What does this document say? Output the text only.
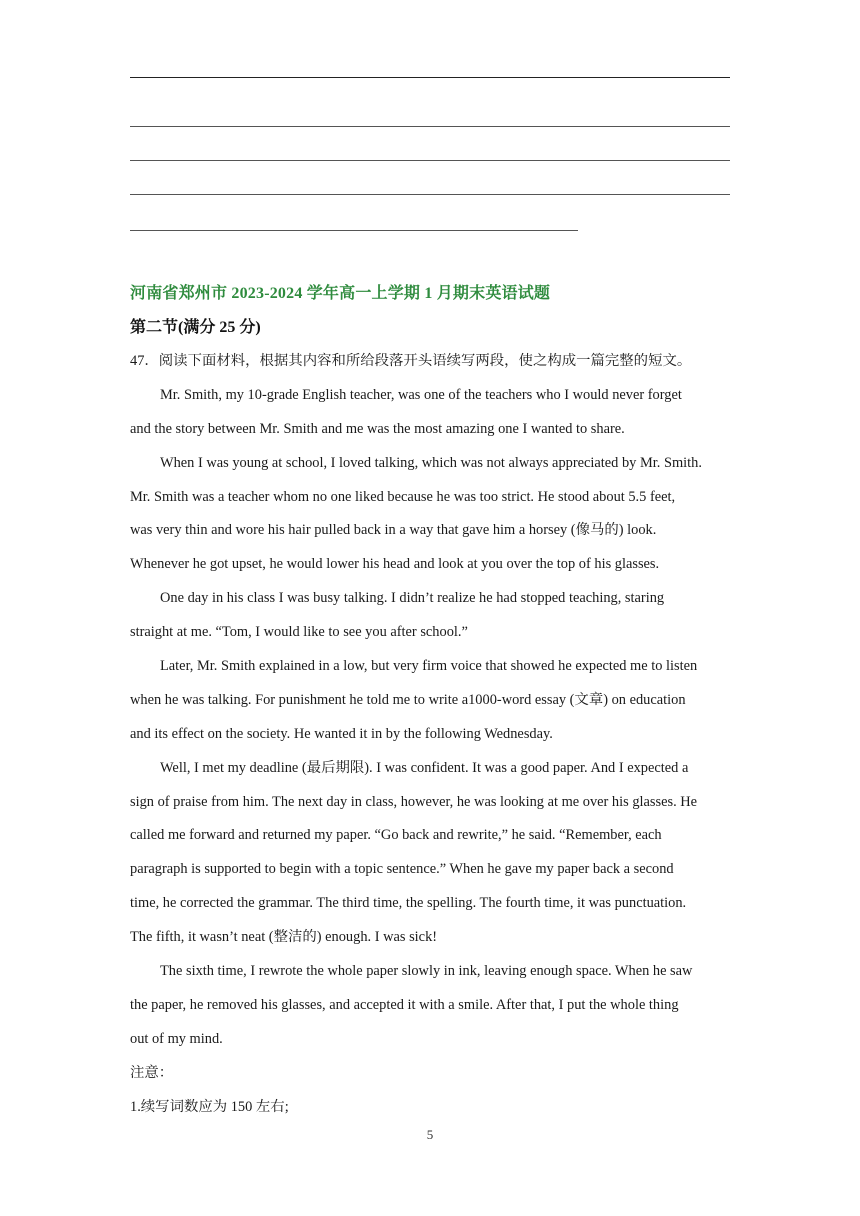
河南省郑州市 2023-2024 学年高一上学期 1 月期末英语试题
第二节(满分 25 分)
47．阅读下面材料，根据其内容和所给段落开头语续写两段，使之构成一篇完整的短文。
Mr. Smith, my 10-grade English teacher, was one of the teachers who I would never forget
and the story between Mr. Smith and me was the most amazing one I wanted to share.
When I was young at school, I loved talking, which was not always appreciated by Mr. Smith.
Mr. Smith was a teacher whom no one liked because he was too strict. He stood about 5.5 feet,
was very thin and wore his hair pulled back in a way that gave him a horsey (像马的) look.
Whenever he got upset, he would lower his head and look at you over the top of his glasses.
One day in his class I was busy talking. I didn’t realize he had stopped teaching, staring
straight at me. “Tom, I would like to see you after school.”
Later, Mr. Smith explained in a low, but very firm voice that showed he expected me to listen
when he was talking. For punishment he told me to write a1000-word essay (文章) on education
and its effect on the society. He wanted it in by the following Wednesday.
Well, I met my deadline (最后期限). I was confident. It was a good paper. And I expected a
sign of praise from him. The next day in class, however, he was looking at me over his glasses. He
called me forward and returned my paper. “Go back and rewrite,” he said. “Remember, each
paragraph is supported to begin with a topic sentence.” When he gave my paper back a second
time, he corrected the grammar. The third time, the spelling. The fourth time, it was punctuation.
The fifth, it wasn’t neat (整洁的) enough. I was sick!
The sixth time, I rewrote the whole paper slowly in ink, leaving enough space. When he saw
the paper, he removed his glasses, and accepted it with a smile. After that, I put the whole thing
out of my mind.
注意：
1.续写词数应为 150 左右;
5
